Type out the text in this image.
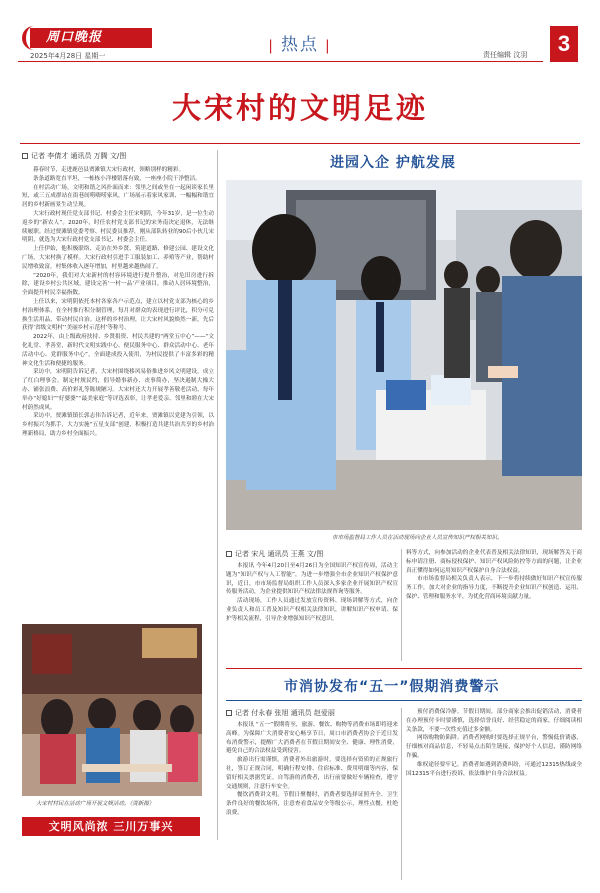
周口晚报
2025年4月28日 星期一
| 热点 |
责任编辑 汶羽	3
大宋村的文明足迹
记者 李倩才 通讯员 万腾 文/图

暮春时节，走进鹿邑县贾滩镇大宋行政村，领略别样的精彩。

条条道路宽直平坦，一栋栋小洋楼错落有致，一座座小院干净整洁。

在村活动广场，文明和谐之风扑面而来：邻里之间或坐在一起闲谈家长里短，或三五成群站在街巷间唠嗨唠家风，广场展示着家风家训、一幅幅和谐宜居的乡村新画景生动呈现。

大宋行政村现任党支部书记、村委会主任宋明阴，今年31岁，是一位生动返乡的“新农人”。2020年，时任农村党支部书记的宋务南决定退休，无法继续履职。经过贾滩镇党委考察、村民委员推荐，刚从部队转业的90后小伙儿宋明阴，就选为大宋行政村党支部书记、村委会主任。

上任伊始，他积极联络、走访在外乡贤、筑建道路、修建公园、建设文化广场，大宋村换了模样。大宋行政村引进手工服装加工、养殖等产业，帮助村民增收致富，村集体收入逐年增加，村里越来越热闹了。

“2020年，我们对大宋新村的村容环境进行提升整治，对危旧房进行拆除，建设乡村公共区域，建设完善‘一村一品’产业项目，推动人居环境整治，全面提升村民幸福指数。

上任以来，宋明阴依托本村各家各户示范点，建立以村党支部为核心的乡村治理体系，在全村推行积分制管理，每月对群众的表现进行评比，积分可兑换生活用品，带动村民自治。这样的乡村治理，让大宋村风貌焕然一新，先后获得‘省级文明村’‘美丽乡村示范村’等称号。

2022年，由上级政府扶持、乡贤捐资、村民共建的“两堂五中心”——“文化礼堂、孝善堂，新时代文明实践中心、便民服务中心、群众活动中心、老年活动中心、党群服务中心”，全面建成投入使用，为村民提供了丰富多彩的精神文化生活和便捷的服务。

采访中，宋明阴告诉记者，大宋村围绕移风易俗推进乡风文明建设，成立了红白理事会，制定村规民约，倡导婚事新办、丧事简办，坚决遏制大操大办、铺张浪费、高价彩礼等陈规陋习。大宋村还大力开展孝善敬老活动，每年举办“好媳妇”“好婆婆”“最美家庭”等评选表彰，让孝老爱亲、邻里和睦在大宋村蔚然成风。

采访中，贾滩镇镇长郭志伟告诉记者，近年来，贾滩镇以党建为引领，以乡村振兴为抓手，大力实施“五星支部”创建，积极打造共建共治共享的乡村治理新格局，助力乡村全面振兴。

大宋村村民在活动广场开展文娱活动。（贾新摄）
文明风尚浓 三川万事兴
进园入企 护航发展
市市场监督局工作人员在活动现场向企业人员宣传知识产权相关知识。
记者 宋凡 通讯员 王燕 文/图

本报讯 今年4月20日至4月26日为全国知识产权宣传周，活动主题为“知识产权与人工智能”，为进一步增强全市企业知识产权保护意识，近日，市市场监督局组织工作人员深入多家企业开展知识产权宣传服务活动，为企业提供知识产权法律法规咨询等服务。

活动现场，工作人员通过发放宣传资料、现场讲解等方式，向企业负责人和员工普及知识产权相关法律知识，讲解知识产权申请、保护等相关流程，引导企业增强知识产权意识。

料等方式，向参加活动的企业代表普及相关法律知识，现场解答关于商标申请注册、商标侵权保护、知识产权风险防控等方面的问题，让企业真正懂得如何运用知识产权保护自身合法权益。

市市场监督局相关负责人表示，下一步将持续做好知识产权宣传服务工作，加大对企业的指导力度，不断提升企业知识产权创造、运用、保护、管理和服务水平，为优化营商环境贡献力量。

市消协发布“五一”假期消费警示
记者 付永春 张旭 通讯员 赵爱丽

本报讯 “五一”假期将至，旅游、餐饮、购物等消费市场即将迎来高峰。为保障广大消费者安心畅享节日，周口市消费者协会于近日发布消费警示，提醒广大消费者在节假日期间安全、健康、理性消费，避免自己的合法权益受到侵害。

旅游出行需谨慎。消费者外出旅游时，要选择有资质的正规旅行社，签订正规合同，明确行程安排、住宿标准、费用明细等内容，保留好相关票据凭证。自驾游的消费者，出行前要做好车辆检查，遵守交通规则，注意行车安全。

餐饮消费讲文明。节假日聚餐时，消费者要选择证照齐全、卫生条件良好的餐饮场所，注意查看食品安全等级公示，理性点餐，杜绝浪费。

预付消费保冷静。节假日期间，部分商家会推出促销活动，消费者在办理预付卡时要谨慎，选择信誉良好、经营稳定的商家，仔细阅读相关条款，不要一次性充值过多金额。

网络购物防陷阱。消费者网购时要选择正规平台，警惕低价诱惑，仔细核对商品信息，不轻易点击陌生链接，保护好个人信息，谨防网络诈骗。

维权途径要牢记。消费者如遇到消费纠纷，可通过12315热线或全国12315平台进行投诉，依法维护自身合法权益。
